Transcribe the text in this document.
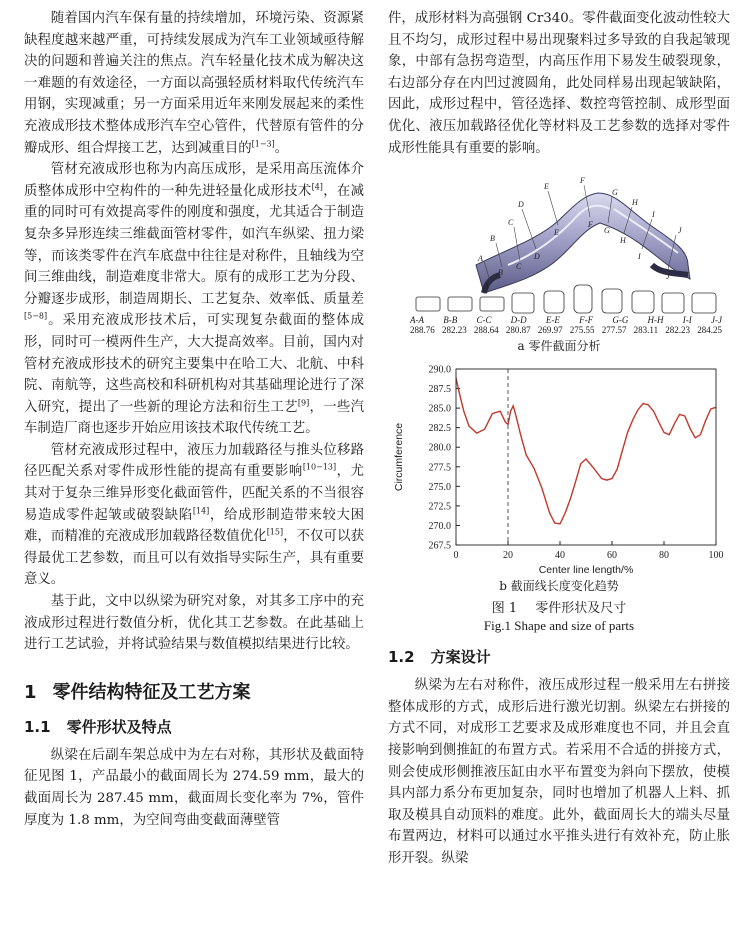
随着国内汽车保有量的持续增加，环境污染、资源紧缺程度越来越严重，可持续发展成为汽车工业领域亟待解决的问题和普遍关注的焦点。汽车轻量化技术成为解决这一难题的有效途径，一方面以高强轻质材料取代传统汽车用钢，实现减重；另一方面采用近年来刚发展起来的柔性充液成形技术整体成形汽车空心管件，代替原有管件的分瓣成形、组合焊接工艺，达到减重目的[1−3]。

管材充液成形也称为内高压成形，是采用高压流体介质整体成形中空构件的一种先进轻量化成形技术[4]，在减重的同时可有效提高零件的刚度和强度，尤其适合于制造复杂多异形连续三维截面管材零件，如汽车纵梁、扭力梁等，而该类零件在汽车底盘中往往是对称件，且轴线为空间三维曲线，制造难度非常大。原有的成形工艺为分段、分瓣逐步成形，制造周期长、工艺复杂、效率低、质量差[5−8]。采用充液成形技术后，可实现复杂截面的整体成形，同时可一模两件生产，大大提高效率。目前，国内对管材充液成形技术的研究主要集中在哈工大、北航、中科院、南航等，这些高校和科研机构对其基础理论进行了深入研究，提出了一些新的理论方法和衍生工艺[9]，一些汽车制造厂商也逐步开始应用该技术取代传统工艺。

管材充液成形过程中，液压力加载路径与推头位移路径匹配关系对零件成形性能的提高有重要影响[10−13]，尤其对于复杂三维异形变化截面管件，匹配关系的不当很容易造成零件起皱或破裂缺陷[14]，给成形制造带来较大困难，而精准的充液成形加载路径数值优化[15]，不仅可以获得最优工艺参数，而且可以有效指导实际生产，具有重要意义。

基于此，文中以纵梁为研究对象，对其多工序中的充液成形过程进行数值分析，优化其工艺参数。在此基础上进行工艺试验，并将试验结果与数值模拟结果进行比较。

1 零件结构特征及工艺方案
1.1 零件形状及特点

纵梁在后副车架总成中为左右对称，其形状及截面特征见图 1，产品最小的截面周长为 274.59 mm，最大的截面周长为 287.45 mm，截面周长变化率为 7%，管件厚度为 1.8 mm，为空间弯曲变截面薄壁管

件，成形材料为高强钢 Cr340。零件截面变化波动性较大且不均匀，成形过程中易出现聚料过多导致的自我起皱现象，中部有急拐弯造型，内高压作用下易发生破裂现象，右边部分存在内凹过渡圆角，此处同样易出现起皱缺陷，因此，成形过程中，管径选择、数控弯管控制、成形型面优化、液压加载路径优化等材料及工艺参数的选择对零件成形性能具有重要的影响。

A
A
B
B
C
C
D
D
E
E
F
F
G
G
H
H
I
I
J
J
A-A B-B C-C D-D E-E F-F G-G H-H I-I J-J
288.76 282.23 288.64 280.87 269.97 275.55 277.57 283.11 282.23 284.25
a 零件截面分析
0	20	40	60	80	100
267.5
270.0
272.5
275.0
277.5
280.0
282.5
285.0
287.5
290.0
Center line length/%
Circumference
b 截面线长度变化趋势
图 1 零件形状及尺寸
Fig.1 Shape and size of parts
1.2 方案设计

纵梁为左右对称件，液压成形过程一般采用左右拼接整体成形的方式，成形后进行激光切割。纵梁左右拼接的方式不同，对成形工艺要求及成形难度也不同，并且会直接影响到侧推缸的布置方式。若采用不合适的拼接方式，则会使成形侧推液压缸由水平布置变为斜向下摆放，使模具内部力系分布更加复杂，同时也增加了机器人上料、抓取及模具自动顶料的难度。此外，截面周长大的端头尽量布置两边，材料可以通过水平推头进行有效补充，防止胀形开裂。纵梁
